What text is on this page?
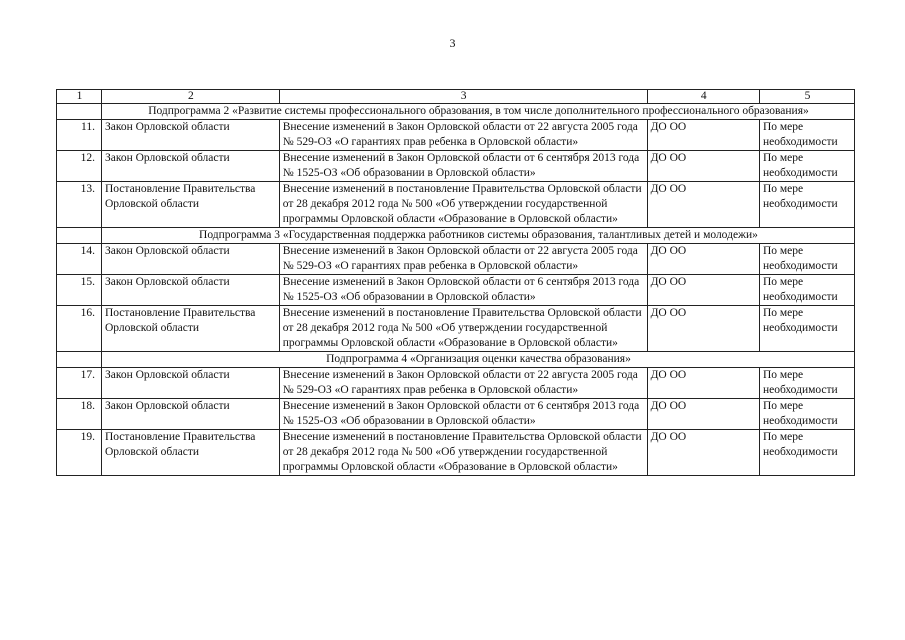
3
1	2	3	4	5
	Подпрограмма 2 «Развитие системы профессионального образования, в том числе дополнительного профессионального образования»			
11.	Закон Орловской области	Внесение изменений в Закон Орловской области от 22 августа 2005 года № 529-ОЗ «О гарантиях прав ребенка в Орловской области»	ДО ОО	По мере необходимости
12.	Закон Орловской области	Внесение изменений в Закон Орловской области от 6 сентября 2013 года № 1525-ОЗ «Об образовании в Орловской области»	ДО ОО	По мере необходимости
13.	Постановление Правительства Орловской области	Внесение изменений в постановление Правительства Орловской области от 28 декабря 2012 года № 500 «Об утверждении государственной программы Орловской области «Образование в Орловской области»	ДО ОО	По мере необходимости
	Подпрограмма 3 «Государственная поддержка работников системы образования, талантливых детей и молодежи»			
14.	Закон Орловской области	Внесение изменений в Закон Орловской области от 22 августа 2005 года № 529-ОЗ «О гарантиях прав ребенка в Орловской области»	ДО ОО	По мере необходимости
15.	Закон Орловской области	Внесение изменений в Закон Орловской области от 6 сентября 2013 года № 1525-ОЗ «Об образовании в Орловской области»	ДО ОО	По мере необходимости
16.	Постановление Правительства Орловской области	Внесение изменений в постановление Правительства Орловской области от 28 декабря 2012 года № 500 «Об утверждении государственной программы Орловской области «Образование в Орловской области»	ДО ОО	По мере необходимости
	Подпрограмма 4 «Организация оценки качества образования»			
17.	Закон Орловской области	Внесение изменений в Закон Орловской области от 22 августа 2005 года № 529-ОЗ «О гарантиях прав ребенка в Орловской области»	ДО ОО	По мере необходимости
18.	Закон Орловской области	Внесение изменений в Закон Орловской области от 6 сентября 2013 года № 1525-ОЗ «Об образовании в Орловской области»	ДО ОО	По мере необходимости
19.	Постановление Правительства Орловской области	Внесение изменений в постановление Правительства Орловской области от 28 декабря 2012 года № 500 «Об утверждении государственной программы Орловской области «Образование в Орловской области»	ДО ОО	По мере необходимости
